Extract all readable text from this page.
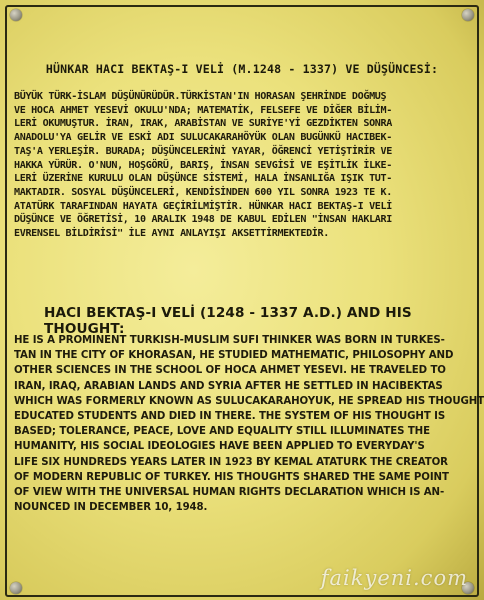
HÜNKAR HACI BEKTAŞ-I VELİ (M.1248 - 1337) VE DÜŞÜNCESİ:
BÜYÜK TÜRK-İSLAM DÜŞÜNÜRÜDÜR.TÜRKİSTAN'IN HORASAN ŞEHRİNDE DOĞMUŞ
VE HOCA AHMET YESEVİ OKULU'NDA; MATEMATİK, FELSEFE VE DİĞER BİLİM-
LERİ OKUMUŞTUR. İRAN, IRAK, ARABİSTAN VE SURİYE'Yİ GEZDİKTEN SONRA
ANADOLU'YA GELİR VE ESKİ ADI SULUCAKARAHÖYÜK OLAN BUGÜNKÜ HACIBEK-
TAŞ'A YERLEŞİR. BURADA; DÜŞÜNCELERİNİ YAYAR, ÖĞRENCİ YETİŞTİRİR VE
HAKKA YÜRÜR. O'NUN, HOŞGÖRÜ, BARIŞ, İNSAN SEVGİSİ VE EŞİTLİK İLKE-
LERİ ÜZERİNE KURULU OLAN DÜŞÜNCE SİSTEMİ, HALA İNSANLIĞA IŞIK TUT-
MAKTADIR. SOSYAL DÜŞÜNCELERİ, KENDİSİNDEN 600 YIL SONRA 1923 TE K.
ATATÜRK TARAFINDAN HAYATA GEÇİRİLMİŞTİR. HÜNKAR HACI BEKTAŞ-I VELİ
DÜŞÜNCE VE ÖĞRETİSİ, 10 ARALIK 1948 DE KABUL EDİLEN "İNSAN HAKLARI
EVRENSEL BİLDİRİSİ" İLE AYNI ANLAYIŞI AKSETTİRMEKTEDİR.
HACI BEKTAŞ-I VELİ (1248 - 1337 A.D.) AND HIS THOUGHT:
HE IS A PROMINENT TURKISH-MUSLIM SUFI THINKER WAS BORN IN TURKES-
TAN IN THE CITY OF KHORASAN, HE STUDIED MATHEMATIC, PHILOSOPHY AND
OTHER SCIENCES IN THE SCHOOL OF HOCA AHMET YESEVI. HE TRAVELED TO
IRAN, IRAQ, ARABIAN LANDS AND SYRIA AFTER HE SETTLED IN HACIBEKTAS
WHICH WAS FORMERLY KNOWN AS SULUCAKARAHOYUK, HE SPREAD HIS THOUGHT
EDUCATED STUDENTS AND DIED IN THERE. THE SYSTEM OF HIS THOUGHT IS
BASED; TOLERANCE, PEACE, LOVE AND EQUALITY STILL ILLUMINATES THE
HUMANITY, HIS SOCIAL IDEOLOGIES HAVE BEEN APPLIED TO EVERYDAY'S
LIFE SIX HUNDREDS YEARS LATER IN 1923 BY KEMAL ATATURK THE CREATOR
OF MODERN REPUBLIC OF TURKEY. HIS THOUGHTS SHARED THE SAME POINT
OF VIEW WITH THE UNIVERSAL HUMAN RIGHTS DECLARATION WHICH IS AN-
NOUNCED IN DECEMBER 10, 1948.
faikyeni.com
